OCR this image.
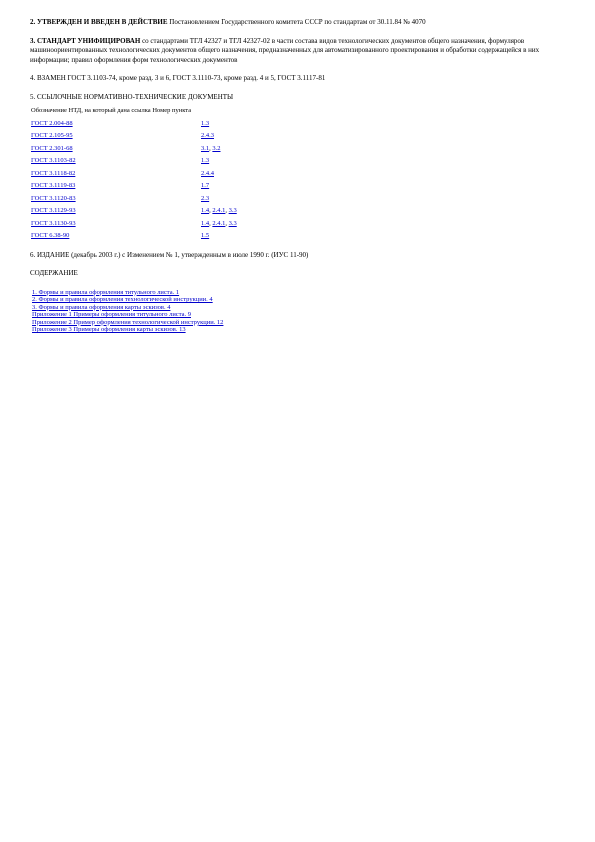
2. УТВЕРЖДЕН И ВВЕДЕН В ДЕЙСТВИЕ Постановлением Государственного комитета СССР по стандартам от 30.11.84 № 4070

3. СТАНДАРТ УНИФИЦИРОВАН со стандартами ТГЛ 42327 и ТГЛ 42327-02 в части состава видов технологических документов общего назначения, формуляров машиноориентированных технологических документов общего назначения, предназначенных для автоматизированного проектирования и обработки содержащейся в них информации; правил оформления форм технологических документов

4. ВЗАМЕН ГОСТ 3.1103-74, кроме разд. 3 и 6, ГОСТ 3.1110-73, кроме разд. 4 и 5, ГОСТ 3.1117-81

5. ССЫЛОЧНЫЕ НОРМАТИВНО-ТЕХНИЧЕСКИЕ ДОКУМЕНТЫ

Обозначение НТД, на который дана ссылка Номер пункта	
ГОСТ 2.004-88	1.3
ГОСТ 2.105-95	2.4.3
ГОСТ 2.301-68	3.1, 3.2
ГОСТ 3.1103-82	1.3
ГОСТ 3.1118-82	2.4.4
ГОСТ 3.1119-83	1.7
ГОСТ 3.1120-83	2.3
ГОСТ 3.1129-93	1.4, 2.4.1, 3.3
ГОСТ 3.1130-93	1.4, 2.4.1, 3.3
ГОСТ 6.38-90	1.5

6. ИЗДАНИЕ (декабрь 2003 г.) с Изменением № 1, утвержденным в июле 1990 г. (ИУС 11-90)

СОДЕРЖАНИЕ

1. Формы и правила оформления титульного листа. 1
2. Формы и правила оформления технологической инструкции. 4
3. Формы и правила оформления карты эскизов. 4
Приложение 1 Примеры оформления титульного листа. 9
Приложение 2 Пример оформления технологической инструкции. 12
Приложение 3 Примеры оформления карты эскизов. 13
